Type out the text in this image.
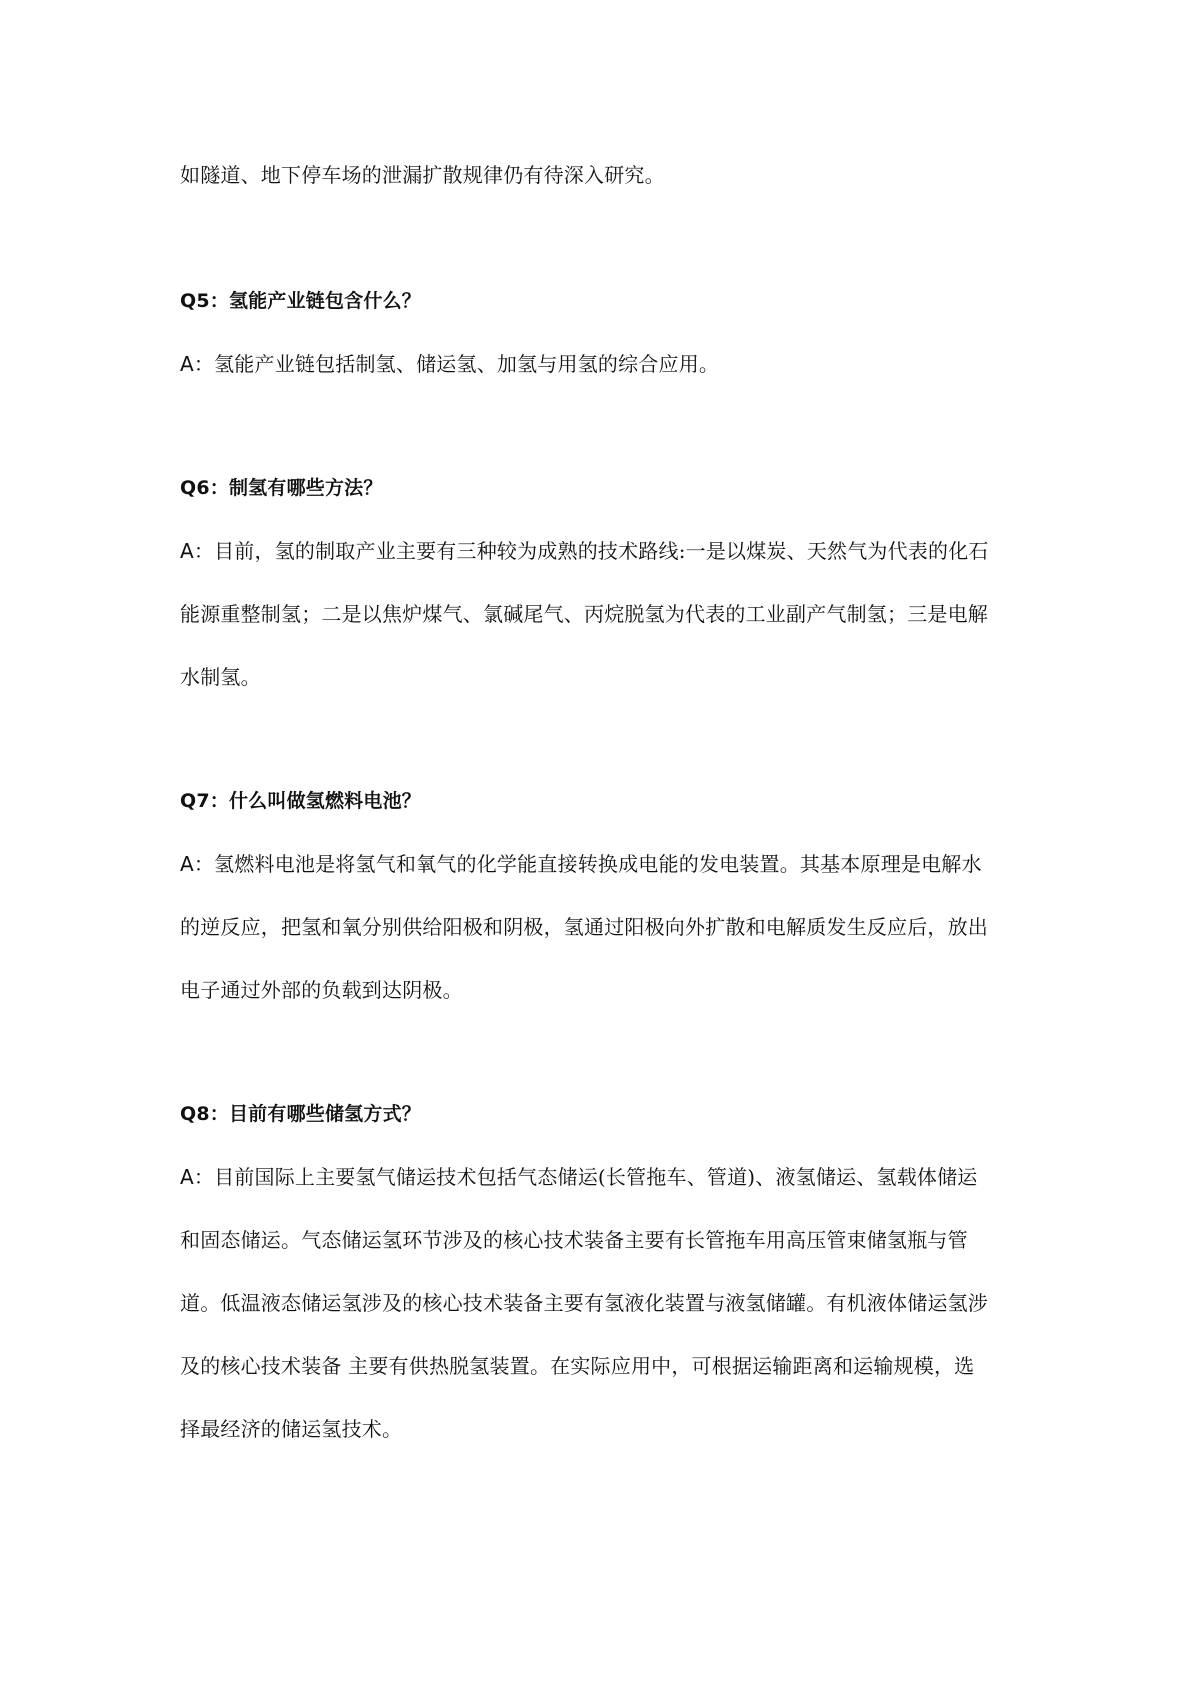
如隧道、地下停车场的泄漏扩散规律仍有待深入研究。
Q5：氢能产业链包含什么？
A：氢能产业链包括制氢、储运氢、加氢与用氢的综合应用。
Q6：制氢有哪些方法？
A：目前，氢的制取产业主要有三种较为成熟的技术路线:一是以煤炭、天然气为代表的化石
能源重整制氢；二是以焦炉煤气、氯碱尾气、丙烷脱氢为代表的工业副产气制氢；三是电解
水制氢。
Q7：什么叫做氢燃料电池？
A：氢燃料电池是将氢气和氧气的化学能直接转换成电能的发电装置。其基本原理是电解水
的逆反应，把氢和氧分别供给阳极和阴极，氢通过阳极向外扩散和电解质发生反应后，放出
电子通过外部的负载到达阴极。
Q8：目前有哪些储氢方式？
A：目前国际上主要氢气储运技术包括气态储运(长管拖车、管道)、液氢储运、氢载体储运
和固态储运。气态储运氢环节涉及的核心技术装备主要有长管拖车用高压管束储氢瓶与管
道。低温液态储运氢涉及的核心技术装备主要有氢液化装置与液氢储罐。有机液体储运氢涉
及的核心技术装备 主要有供热脱氢装置。在实际应用中，可根据运输距离和运输规模，选
择最经济的储运氢技术。
